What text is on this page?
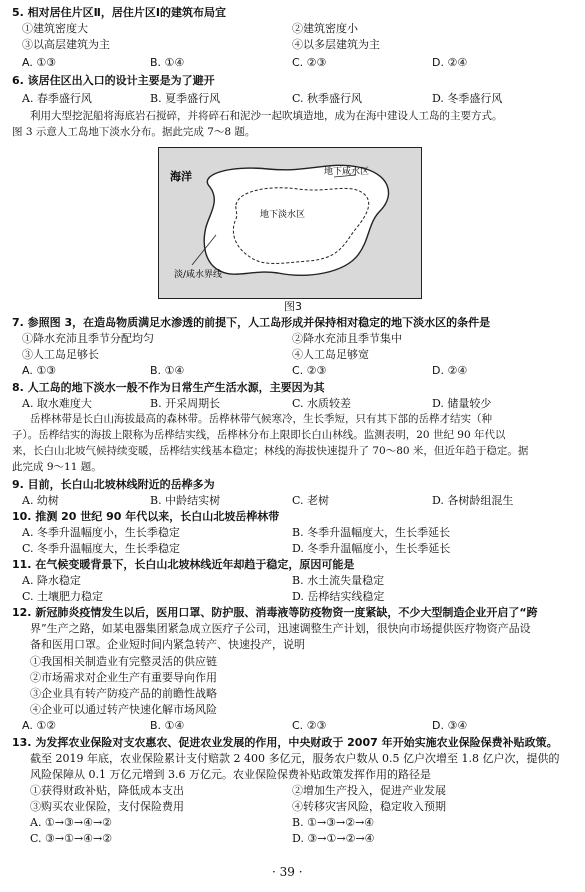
5. 相对居住片区Ⅱ，居住片区Ⅰ的建筑布局宜
①建筑密度大	②建筑密度小
③以高层建筑为主	④以多层建筑为主
A. ①③	B. ①④	C. ②③	D. ②④
6. 该居住区出入口的设计主要是为了避开
A. 春季盛行风	B. 夏季盛行风	C. 秋季盛行风	D. 冬季盛行风
利用大型挖泥船将海底岩石搅碎，并将碎石和泥沙一起吹填造地，成为在海中建设人工岛的主要方式。
图 3 示意人工岛地下淡水分布。据此完成 7～8 题。
海洋	地下咸水区
地下淡水区
淡/咸水界线
图3
7. 参照图 3，在造岛物质满足水渗透的前提下，人工岛形成并保持相对稳定的地下淡水区的条件是
①降水充沛且季节分配均匀	②降水充沛且季节集中
③人工岛足够长	④人工岛足够宽
A. ①③	B. ①④	C. ②③	D. ②④
8. 人工岛的地下淡水一般不作为日常生产生活水源，主要因为其
A. 取水难度大	B. 开采周期长	C. 水质较差	D. 储量较少
岳桦林带是长白山海拔最高的森林带。岳桦林带气候寒冷，生长季短，只有其下部的岳桦才结实（种
子）。岳桦结实的海拔上限称为岳桦结实线，岳桦林分布上限即长白山林线。监测表明，20 世纪 90 年代以
来，长白山北坡气候持续变暖，岳桦结实线基本稳定；林线的海拔快速提升了 70～80 米，但近年趋于稳定。据
此完成 9～11 题。
9. 目前，长白山北坡林线附近的岳桦多为
A. 幼树	B. 中龄结实树	C. 老树	D. 各树龄组混生
10. 推测 20 世纪 90 年代以来，长白山北坡岳桦林带
A. 冬季升温幅度小，生长季稳定	B. 冬季升温幅度大，生长季延长
C. 冬季升温幅度大，生长季稳定	D. 冬季升温幅度小，生长季延长
11. 在气候变暖背景下，长白山北坡林线近年却趋于稳定，原因可能是
A. 降水稳定	B. 水土流失量稳定
C. 土壤肥力稳定	D. 岳桦结实线稳定
12. 新冠肺炎疫情发生以后，医用口罩、防护服、消毒液等防疫物资一度紧缺，不少大型制造企业开启了“跨
界”生产之路，如某电器集团紧急成立医疗子公司，迅速调整生产计划，很快向市场提供医疗物资产品设
备和医用口罩。企业短时间内紧急转产、快速投产，说明
①我国相关制造业有完整灵活的供应链
②市场需求对企业生产有重要导向作用
③企业具有转产防疫产品的前瞻性战略
④企业可以通过转产快速化解市场风险
A. ①②	B. ①④	C. ②③	D. ③④
13. 为发挥农业保险对支农惠农、促进农业发展的作用，中央财政于 2007 年开始实施农业保险保费补贴政策。
截至 2019 年底，农业保险累计支付赔款 2 400 多亿元，服务农户数从 0.5 亿户次增至 1.8 亿户次，提供的
风险保障从 0.1 万亿元增到 3.6 万亿元。农业保险保费补贴政策发挥作用的路径是
①获得财政补贴，降低成本支出	②增加生产投入，促进产业发展
③购买农业保险，支付保险费用	④转移灾害风险，稳定收入预期
A. ①→③→④→②	B. ①→③→②→④
C. ③→①→④→②	D. ③→①→②→④
· 39 ·
